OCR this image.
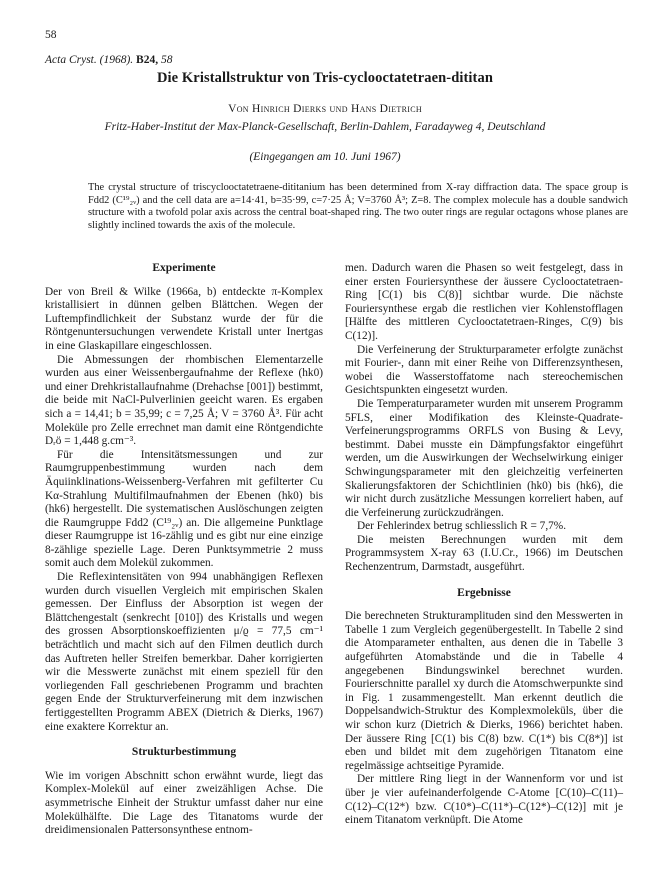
58
Acta Cryst. (1968). B24, 58
Die Kristallstruktur von Tris-cyclooctatetraen-dititan
Von Hinrich Dierks und Hans Dietrich
Fritz-Haber-Institut der Max-Planck-Gesellschaft, Berlin-Dahlem, Faradayweg 4, Deutschland
(Eingegangen am 10. Juni 1967)

The crystal structure of triscyclooctatetraene-dititanium has been determined from X-ray diffraction data. The space group is Fdd2 (C¹⁹₂ᵥ) and the cell data are a=14·41, b=35·99, c=7·25 Å; V=3760 Å³; Z=8. The complex molecule has a double sandwich structure with a twofold polar axis across the central boat-shaped ring. The two outer rings are regular octagons whose planes are slightly inclined towards the axis of the molecule.

Experimente

Der von Breil & Wilke (1966a, b) entdeckte π-Komplex kristallisiert in dünnen gelben Blättchen. Wegen der Luftempfindlichkeit der Substanz wurde der für die Röntgenuntersuchungen verwendete Kristall unter Inertgas in eine Glaskapillare eingeschlossen.

Die Abmessungen der rhombischen Elementarzelle wurden aus einer Weissenbergaufnahme der Reflexe (hk0) und einer Drehkristallaufnahme (Drehachse [001]) bestimmt, die beide mit NaCl-Pulverlinien geeicht waren. Es ergaben sich a = 14,41; b = 35,99; c = 7,25 Å; V = 3760 Å³. Für acht Moleküle pro Zelle errechnet man damit eine Röntgendichte Dᵣö = 1,448 g.cm⁻³.

Für die Intensitätsmessungen und zur Raumgruppenbestimmung wurden nach dem Äquiinklinations-Weissenberg-Verfahren mit gefilterter Cu Kα-Strahlung Multifilmaufnahmen der Ebenen (hk0) bis (hk6) hergestellt. Die systematischen Auslöschungen zeigten die Raumgruppe Fdd2 (C¹⁹₂ᵥ) an. Die allgemeine Punktlage dieser Raumgruppe ist 16-zählig und es gibt nur eine einzige 8-zählige spezielle Lage. Deren Punktsymmetrie 2 muss somit auch dem Molekül zukommen.

Die Reflexintensitäten von 994 unabhängigen Reflexen wurden durch visuellen Vergleich mit empirischen Skalen gemessen. Der Einfluss der Absorption ist wegen der Blättchengestalt (senkrecht [010]) des Kristalls und wegen des grossen Absorptionskoeffizienten μ/ϱ = 77,5 cm⁻¹ beträchtlich und macht sich auf den Filmen deutlich durch das Auftreten heller Streifen bemerkbar. Daher korrigierten wir die Messwerte zunächst mit einem speziell für den vorliegenden Fall geschriebenen Programm und brachten gegen Ende der Strukturverfeinerung mit dem inzwischen fertiggestellten Programm ABEX (Dietrich & Dierks, 1967) eine exaktere Korrektur an.

Strukturbestimmung

Wie im vorigen Abschnitt schon erwähnt wurde, liegt das Komplex-Molekül auf einer zweizähligen Achse. Die asymmetrische Einheit der Struktur umfasst daher nur eine Molekülhälfte. Die Lage des Titanatoms wurde der dreidimensionalen Pattersonsynthese entnom-

men. Dadurch waren die Phasen so weit festgelegt, dass in einer ersten Fouriersynthese der äussere Cyclooctatetraen-Ring [C(1) bis C(8)] sichtbar wurde. Die nächste Fouriersynthese ergab die restlichen vier Kohlenstofflagen [Hälfte des mittleren Cyclooctatetraen-Ringes, C(9) bis C(12)].

Die Verfeinerung der Strukturparameter erfolgte zunächst mit Fourier-, dann mit einer Reihe von Differenzsynthesen, wobei die Wasserstoffatome nach stereochemischen Gesichtspunkten eingesetzt wurden.

Die Temperaturparameter wurden mit unserem Programm 5FLS, einer Modifikation des Kleinste-Quadrate-Verfeinerungsprogramms ORFLS von Busing & Levy, bestimmt. Dabei musste ein Dämpfungsfaktor eingeführt werden, um die Auswirkungen der Wechselwirkung einiger Schwingungsparameter mit den gleichzeitig verfeinerten Skalierungsfaktoren der Schichtlinien (hk0) bis (hk6), die wir nicht durch zusätzliche Messungen korreliert haben, auf die Verfeinerung zurückzudrängen.

Der Fehlerindex betrug schliesslich R = 7,7%.

Die meisten Berechnungen wurden mit dem Programmsystem X-ray 63 (I.U.Cr., 1966) im Deutschen Rechenzentrum, Darmstadt, ausgeführt.

Ergebnisse

Die berechneten Strukturamplituden sind den Messwerten in Tabelle 1 zum Vergleich gegenübergestellt. In Tabelle 2 sind die Atomparameter enthalten, aus denen die in Tabelle 3 aufgeführten Atomabstände und die in Tabelle 4 angegebenen Bindungswinkel berechnet wurden. Fourierschnitte parallel xy durch die Atomschwerpunkte sind in Fig. 1 zusammengestellt. Man erkennt deutlich die Doppelsandwich-Struktur des Komplexmoleküls, über die wir schon kurz (Dietrich & Dierks, 1966) berichtet haben. Der äussere Ring [C(1) bis C(8) bzw. C(1*) bis C(8*)] ist eben und bildet mit dem zugehörigen Titanatom eine regelmässige achtseitige Pyramide.

Der mittlere Ring liegt in der Wannenform vor und ist über je vier aufeinanderfolgende C-Atome [C(10)–C(11)–C(12)–C(12*) bzw. C(10*)–C(11*)–C(12*)–C(12)] mit je einem Titanatom verknüpft. Die Atome
